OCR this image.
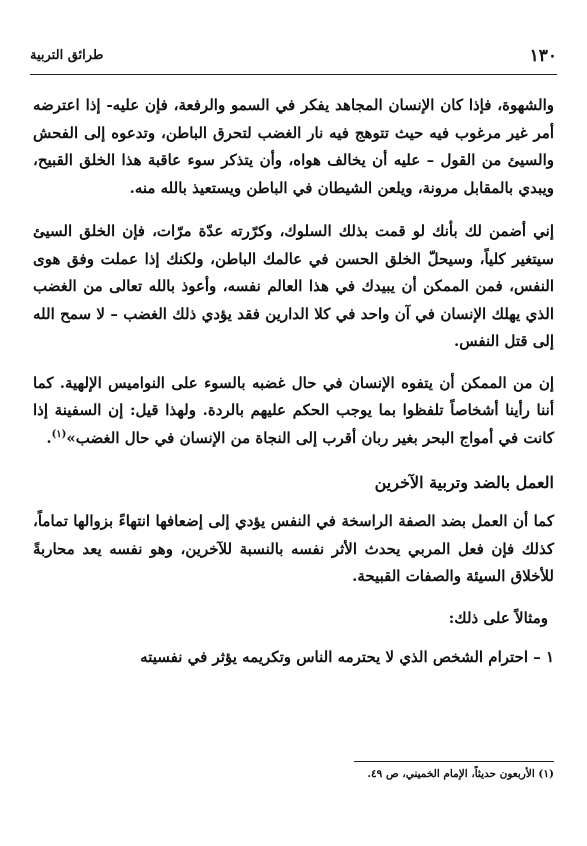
طرائق التربية	١٣٠

والشهوة، فإذا كان الإنسان المجاهد يفكر في السمو والرفعة، فإن عليه- إذا اعترضه أمر غير مرغوب فيه حيث تتوهج فيه نار الغضب لتحرق الباطن، وتدعوه إلى الفحش والسيئ من القول – عليه أن يخالف هواه، وأن يتذكر سوء عاقبة هذا الخلق القبيح، ويبدي بالمقابل مرونة، ويلعن الشيطان في الباطن ويستعيذ بالله منه.

إني أضمن لك بأنك لو قمت بذلك السلوك، وكرّرته عدّة مرّات، فإن الخلق السيئ سيتغير كلياً، وسيحلّ الخلق الحسن في عالمك الباطن، ولكنك إذا عملت وفق هوى النفس، فمن الممكن أن يبيدك في هذا العالم نفسه، وأعوذ بالله تعالى من الغضب الذي يهلك الإنسان في آن واحد في كلا الدارين فقد يؤدي ذلك الغضب – لا سمح الله إلى قتل النفس.

إن من الممكن أن يتفوه الإنسان في حال غضبه بالسوء على النواميس الإلهية. كما أننا رأينا أشخاصاً تلفظوا بما يوجب الحكم عليهم بالردة. ولهذا قيل: إن السفينة إذا كانت في أمواج البحر بغير ربان أقرب إلى النجاة من الإنسان في حال الغضب»$^{(١)}$.

العمل بالضد وتربية الآخرين

كما أن العمل بضد الصفة الراسخة في النفس يؤدي إلى إضعافها انتهاءً بزوالها تماماً، كذلك فإن فعل المربي يحدث الأثر نفسه بالنسبة للآخرين، وهو نفسه يعد محاربةً للأخلاق السيئة والصفات القبيحة.

ومثالاً على ذلك:

١ – احترام الشخص الذي لا يحترمه الناس وتكريمه يؤثر في نفسيته

(١) الأربعون حديثاً، الإمام الخميني، ص ٤٩.
